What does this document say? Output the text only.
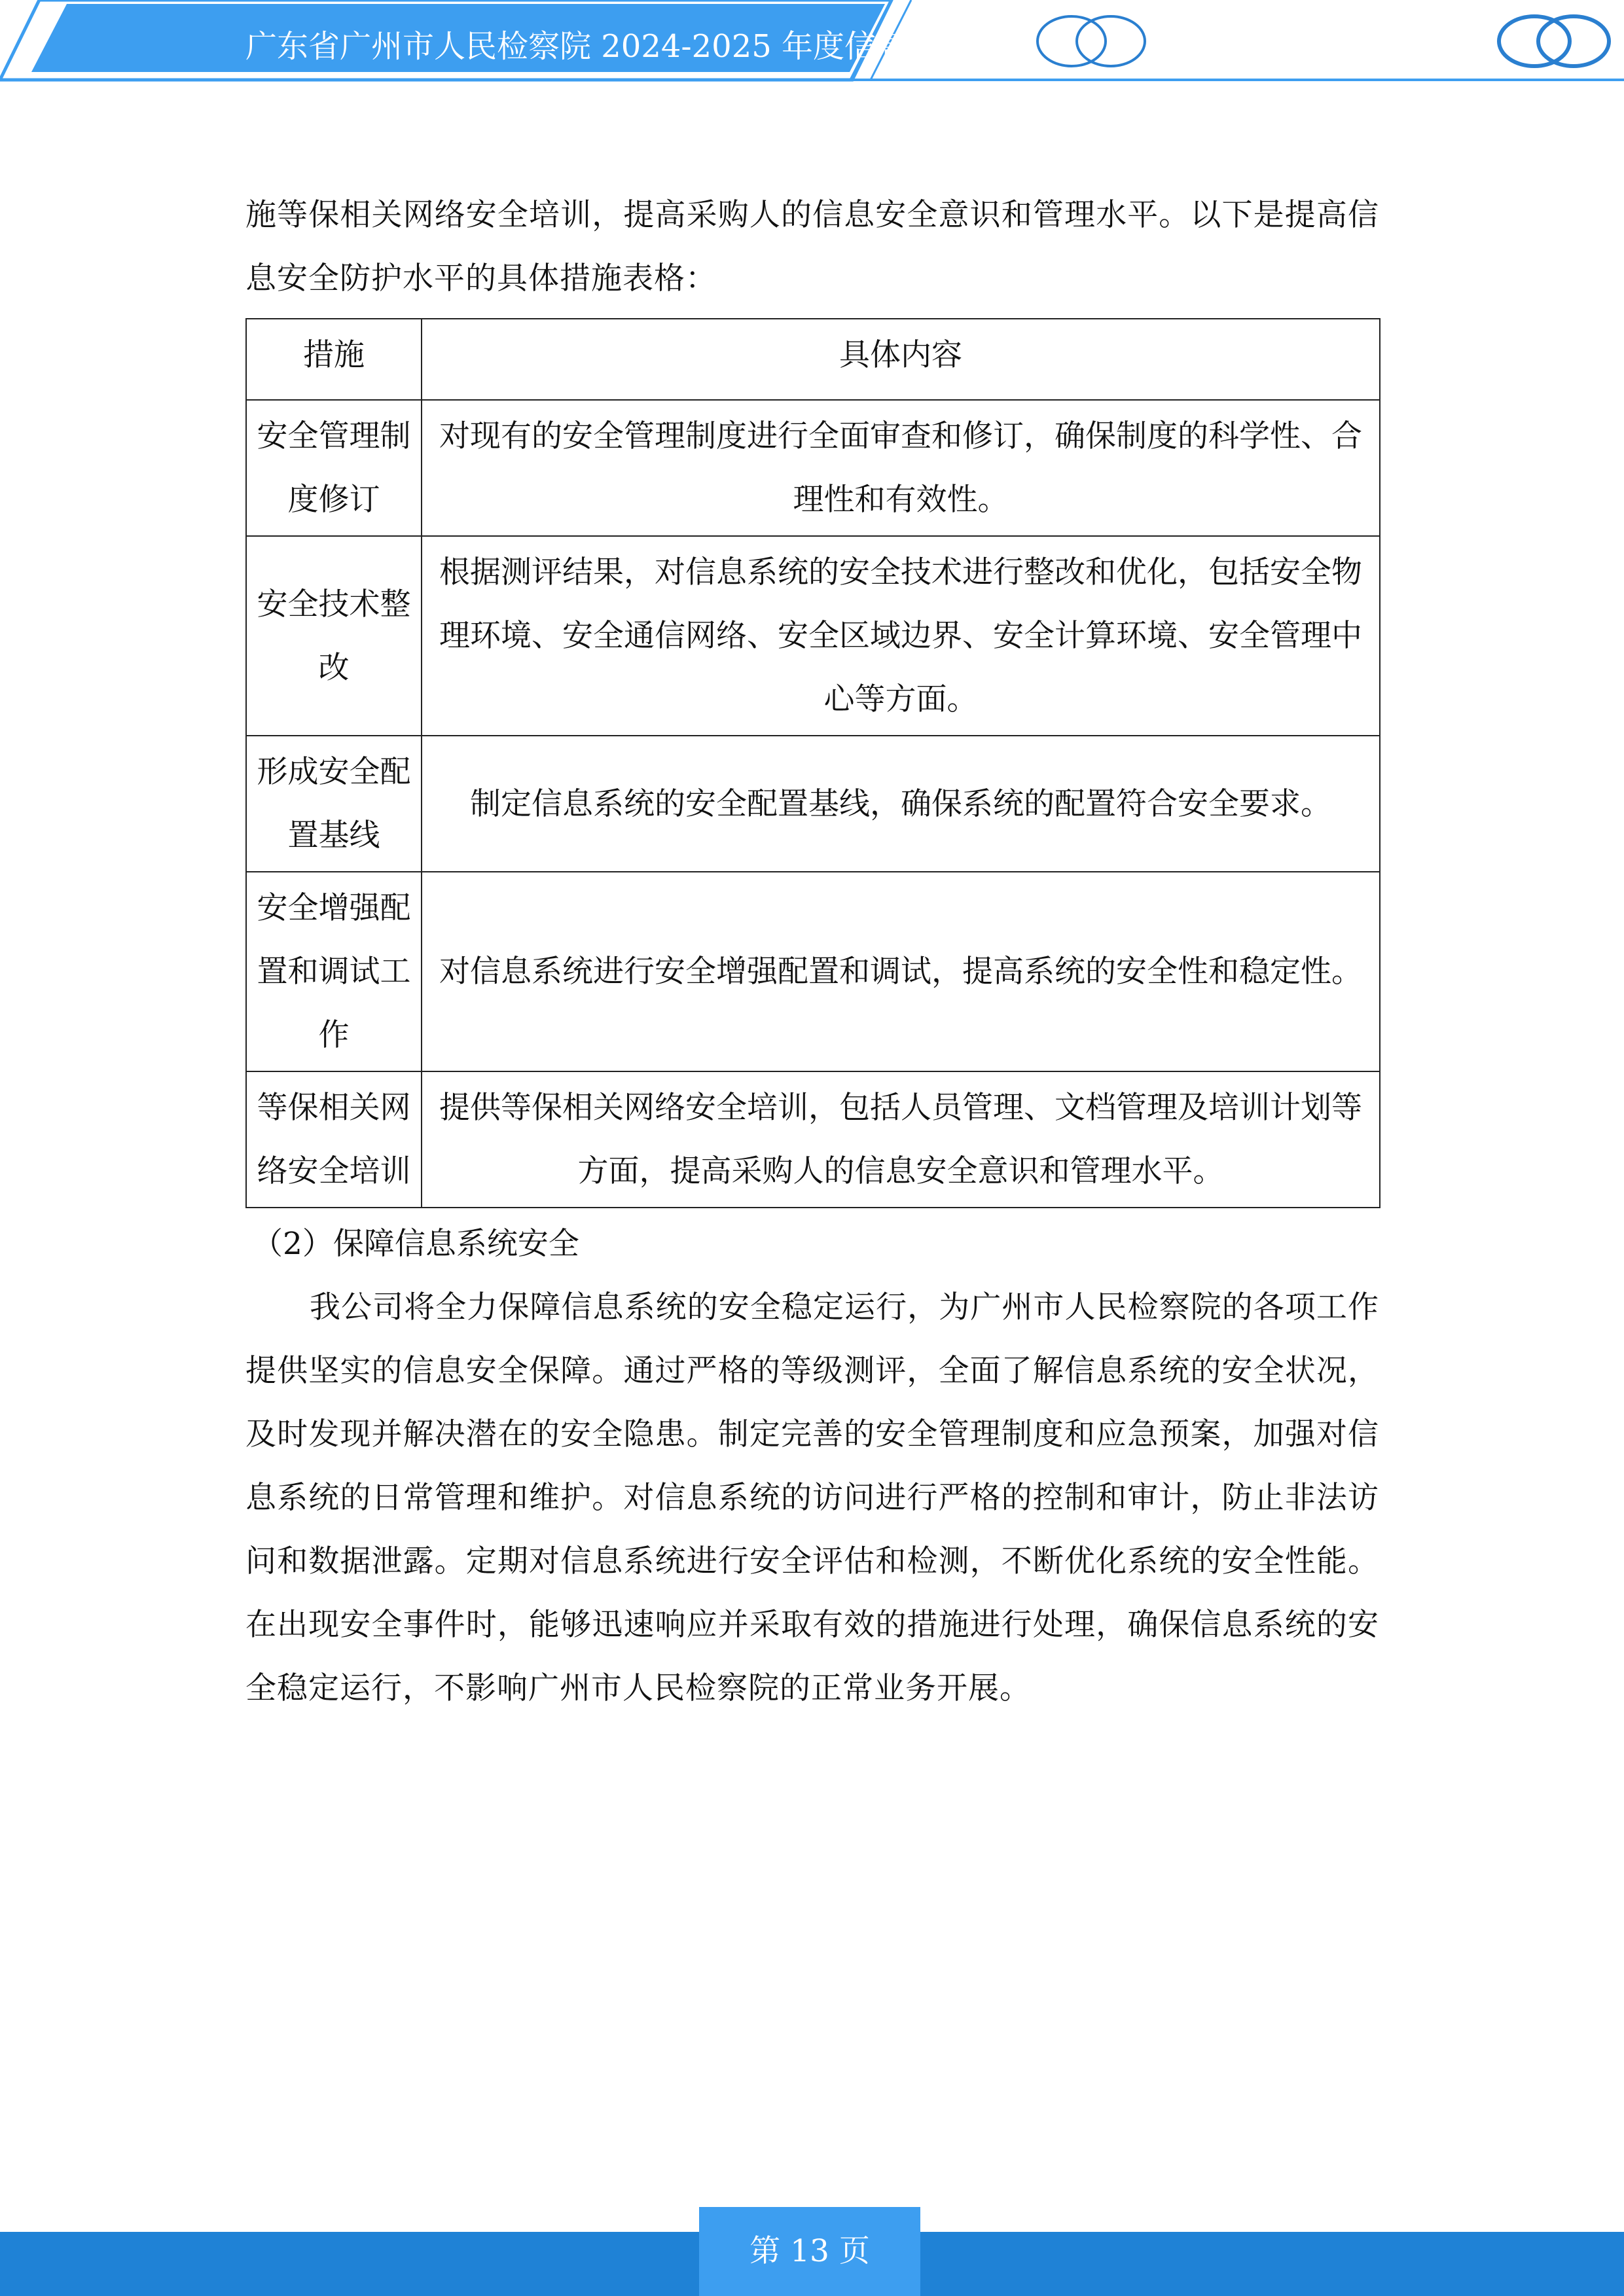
广东省广州市人民检察院 2024-2025 年度信息系统等级保护测评服务

施等保相关网络安全培训，提高采购人的信息安全意识和管理水平。以下是提高信息安全防护水平的具体措施表格：

措施	具体内容
安全管理制度修订	对现有的安全管理制度进行全面审查和修订，确保制度的科学性、合理性和有效性。
安全技术整改	根据测评结果，对信息系统的安全技术进行整改和优化，包括安全物理环境、安全通信网络、安全区域边界、安全计算环境、安全管理中心等方面。
形成安全配置基线	制定信息系统的安全配置基线，确保系统的配置符合安全要求。
安全增强配置和调试工作	对信息系统进行安全增强配置和调试，提高系统的安全性和稳定性。
等保相关网络安全培训	提供等保相关网络安全培训，包括人员管理、文档管理及培训计划等方面，提高采购人的信息安全意识和管理水平。

（2）保障信息系统安全

我公司将全力保障信息系统的安全稳定运行，为广州市人民检察院的各项工作提供坚实的信息安全保障。通过严格的等级测评，全面了解信息系统的安全状况，及时发现并解决潜在的安全隐患。制定完善的安全管理制度和应急预案，加强对信息系统的日常管理和维护。对信息系统的访问进行严格的控制和审计，防止非法访问和数据泄露。定期对信息系统进行安全评估和检测，不断优化系统的安全性能。在出现安全事件时，能够迅速响应并采取有效的措施进行处理，确保信息系统的安全稳定运行，不影响广州市人民检察院的正常业务开展。

第 13 页
